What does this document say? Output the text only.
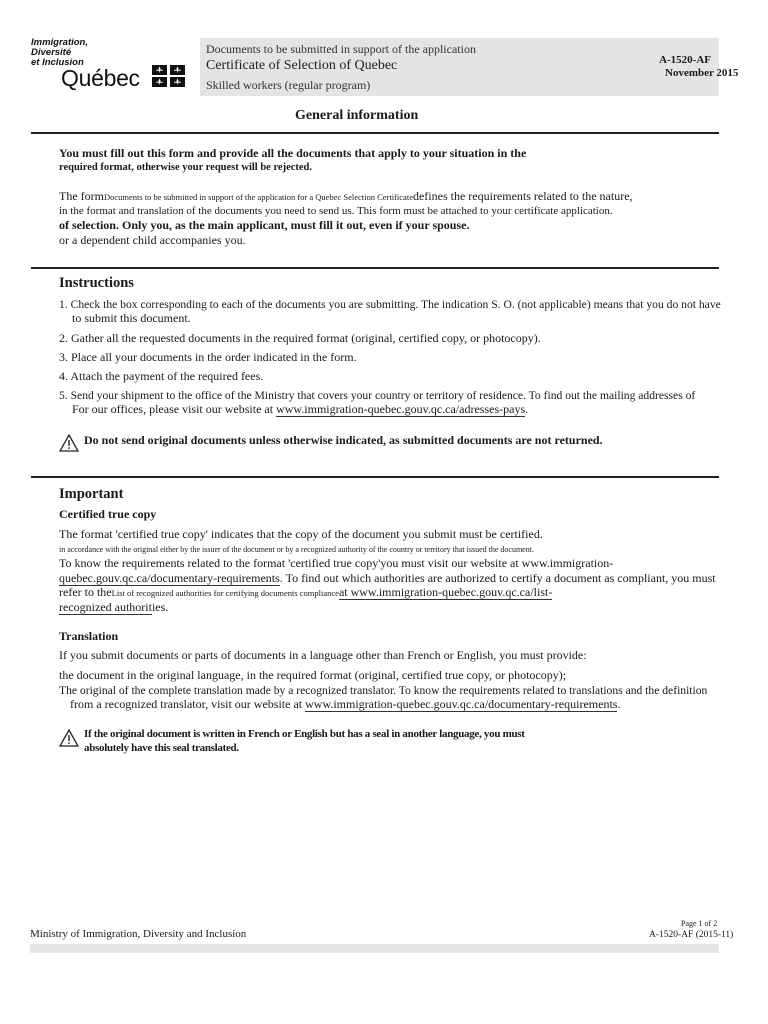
Immigration,
Diversité
et Inclusion
Québec
Documents to be submitted in support of the application
Certificate of Selection of Quebec
Skilled workers (regular program)
A-1520-AF
November 2015
General information
You must fill out this form and provide all the documents that apply to your situation in the
required format, otherwise your request will be rejected.
The formDocuments to be submitted in support of the application for a Quebec Selection Certificatedefines the requirements related to the nature,
in the format and translation of the documents you need to send us. This form must be attached to your certificate application.
of selection. Only you, as the main applicant, must fill it out, even if your spouse.
or a dependent child accompanies you.
Instructions
1. Check the box corresponding to each of the documents you are submitting. The indication S. O. (not applicable) means that you do not have
to submit this document.
2. Gather all the requested documents in the required format (original, certified copy, or photocopy).
3. Place all your documents in the order indicated in the form.
4. Attach the payment of the required fees.
5. Send your shipment to the office of the Ministry that covers your country or territory of residence. To find out the mailing addresses of
For our offices, please visit our website at www.immigration-quebec.gouv.qc.ca/adresses-pays.
Do not send original documents unless otherwise indicated, as submitted documents are not returned.
Important
Certified true copy
The format 'certified true copy' indicates that the copy of the document you submit must be certified.
in accordance with the original either by the issuer of the document or by a recognized authority of the country or territory that issued the document.
To know the requirements related to the format 'certified true copy'you must visit our website at www.immigration-
quebec.gouv.qc.ca/documentary-requirements. To find out which authorities are authorized to certify a document as compliant, you must
refer to theList of recognized authorities for certifying documents complianceat www.immigration-quebec.gouv.qc.ca/list-
recognized authorities.
Translation
If you submit documents or parts of documents in a language other than French or English, you must provide:
the document in the original language, in the required format (original, certified true copy, or photocopy);
The original of the complete translation made by a recognized translator. To know the requirements related to translations and the definition
from a recognized translator, visit our website at www.immigration-quebec.gouv.qc.ca/documentary-requirements.
If the original document is written in French or English but has a seal in another language, you must
absolutely have this seal translated.
Ministry of Immigration, Diversity and Inclusion
Page 1 of 2
A-1520-AF (2015-11)
